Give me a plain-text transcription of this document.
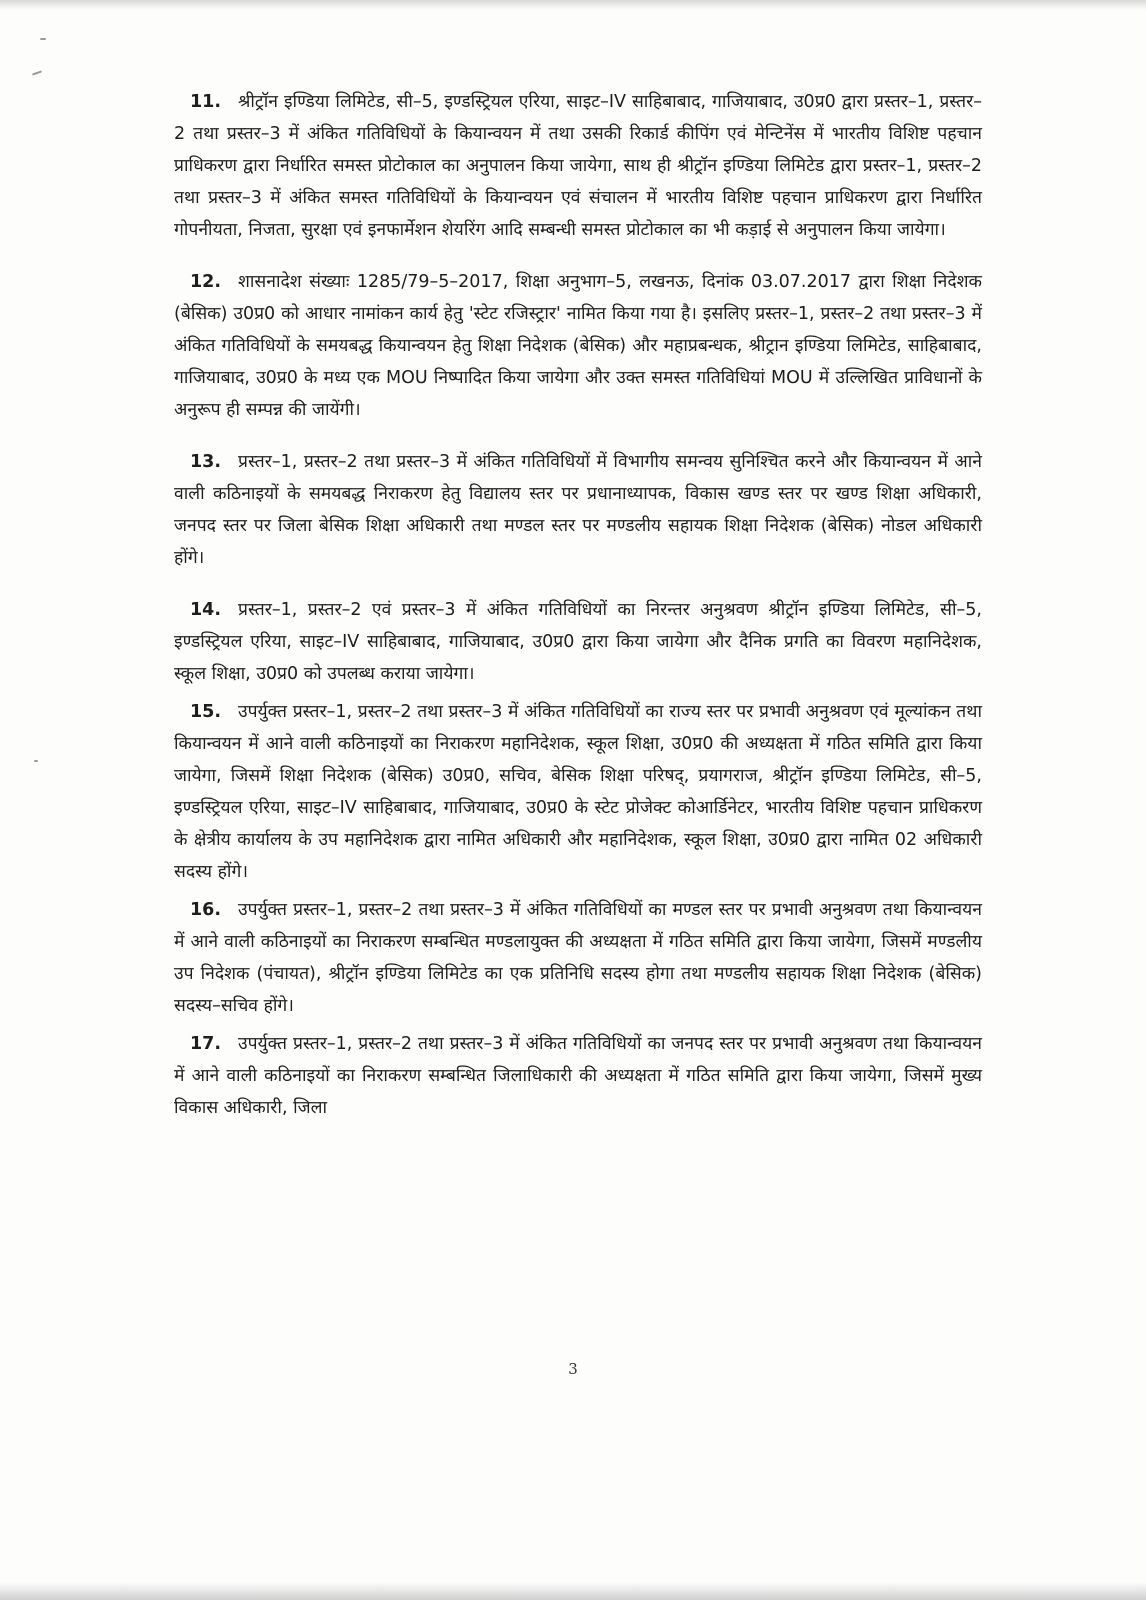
11. श्रीट्रॉन इण्डिया लिमिटेड, सी–5, इण्डस्ट्रियल एरिया, साइट–IV साहिबाबाद, गाजियाबाद, उ0प्र0 द्वारा प्रस्तर–1, प्रस्तर–2 तथा प्रस्तर–3 में अंकित गतिविधियों के कियान्वयन में तथा उसकी रिकार्ड कीपिंग एवं मेन्टिनेंस में भारतीय विशिष्ट पहचान प्राधिकरण द्वारा निर्धारित समस्त प्रोटोकाल का अनुपालन किया जायेगा, साथ ही श्रीट्रॉन इण्डिया लिमिटेड द्वारा प्रस्तर–1, प्रस्तर–2 तथा प्रस्तर–3 में अंकित समस्त गतिविधियों के कियान्वयन एवं संचालन में भारतीय विशिष्ट पहचान प्राधिकरण द्वारा निर्धारित गोपनीयता, निजता, सुरक्षा एवं इनफार्मेशन शेयरिंग आदि सम्बन्धी समस्त प्रोटोकाल का भी कड़ाई से अनुपालन किया जायेगा।

12. शासनादेश संख्याः 1285/79–5–2017, शिक्षा अनुभाग–5, लखनऊ, दिनांक 03.07.2017 द्वारा शिक्षा निदेशक (बेसिक) उ0प्र0 को आधार नामांकन कार्य हेतु 'स्टेट रजिस्ट्रार' नामित किया गया है। इसलिए प्रस्तर–1, प्रस्तर–2 तथा प्रस्तर–3 में अंकित गतिविधियों के समयबद्ध कियान्वयन हेतु शिक्षा निदेशक (बेसिक) और महाप्रबन्धक, श्रीट्रान इण्डिया लिमिटेड, साहिबाबाद, गाजियाबाद, उ0प्र0 के मध्य एक MOU निष्पादित किया जायेगा और उक्त समस्त गतिविधियां MOU में उल्लिखित प्राविधानों के अनुरूप ही सम्पन्न की जायेंगी।

13. प्रस्तर–1, प्रस्तर–2 तथा प्रस्तर–3 में अंकित गतिविधियों में विभागीय समन्वय सुनिश्चित करने और कियान्वयन में आने वाली कठिनाइयों के समयबद्ध निराकरण हेतु विद्यालय स्तर पर प्रधानाध्यापक, विकास खण्ड स्तर पर खण्ड शिक्षा अधिकारी, जनपद स्तर पर जिला बेसिक शिक्षा अधिकारी तथा मण्डल स्तर पर मण्डलीय सहायक शिक्षा निदेशक (बेसिक) नोडल अधिकारी होंगे।

14. प्रस्तर–1, प्रस्तर–2 एवं प्रस्तर–3 में अंकित गतिविधियों का निरन्तर अनुश्रवण श्रीट्रॉन इण्डिया लिमिटेड, सी–5, इण्डस्ट्रियल एरिया, साइट–IV साहिबाबाद, गाजियाबाद, उ0प्र0 द्वारा किया जायेगा और दैनिक प्रगति का विवरण महानिदेशक, स्कूल शिक्षा, उ0प्र0 को उपलब्ध कराया जायेगा।

15. उपर्युक्त प्रस्तर–1, प्रस्तर–2 तथा प्रस्तर–3 में अंकित गतिविधियों का राज्य स्तर पर प्रभावी अनुश्रवण एवं मूल्यांकन तथा कियान्वयन में आने वाली कठिनाइयों का निराकरण महानिदेशक, स्कूल शिक्षा, उ0प्र0 की अध्यक्षता में गठित समिति द्वारा किया जायेगा, जिसमें शिक्षा निदेशक (बेसिक) उ0प्र0, सचिव, बेसिक शिक्षा परिषद्, प्रयागराज, श्रीट्रॉन इण्डिया लिमिटेड, सी–5, इण्डस्ट्रियल एरिया, साइट–IV साहिबाबाद, गाजियाबाद, उ0प्र0 के स्टेट प्रोजेक्ट कोआर्डिनेटर, भारतीय विशिष्ट पहचान प्राधिकरण के क्षेत्रीय कार्यालय के उप महानिदेशक द्वारा नामित अधिकारी और महानिदेशक, स्कूल शिक्षा, उ0प्र0 द्वारा नामित 02 अधिकारी सदस्य होंगे।

16. उपर्युक्त प्रस्तर–1, प्रस्तर–2 तथा प्रस्तर–3 में अंकित गतिविधियों का मण्डल स्तर पर प्रभावी अनुश्रवण तथा कियान्वयन में आने वाली कठिनाइयों का निराकरण सम्बन्धित मण्डलायुक्त की अध्यक्षता में गठित समिति द्वारा किया जायेगा, जिसमें मण्डलीय उप निदेशक (पंचायत), श्रीट्रॉन इण्डिया लिमिटेड का एक प्रतिनिधि सदस्य होगा तथा मण्डलीय सहायक शिक्षा निदेशक (बेसिक) सदस्य–सचिव होंगे।

17. उपर्युक्त प्रस्तर–1, प्रस्तर–2 तथा प्रस्तर–3 में अंकित गतिविधियों का जनपद स्तर पर प्रभावी अनुश्रवण तथा कियान्वयन में आने वाली कठिनाइयों का निराकरण सम्बन्धित जिलाधिकारी की अध्यक्षता में गठित समिति द्वारा किया जायेगा, जिसमें मुख्य विकास अधिकारी, जिला

3
